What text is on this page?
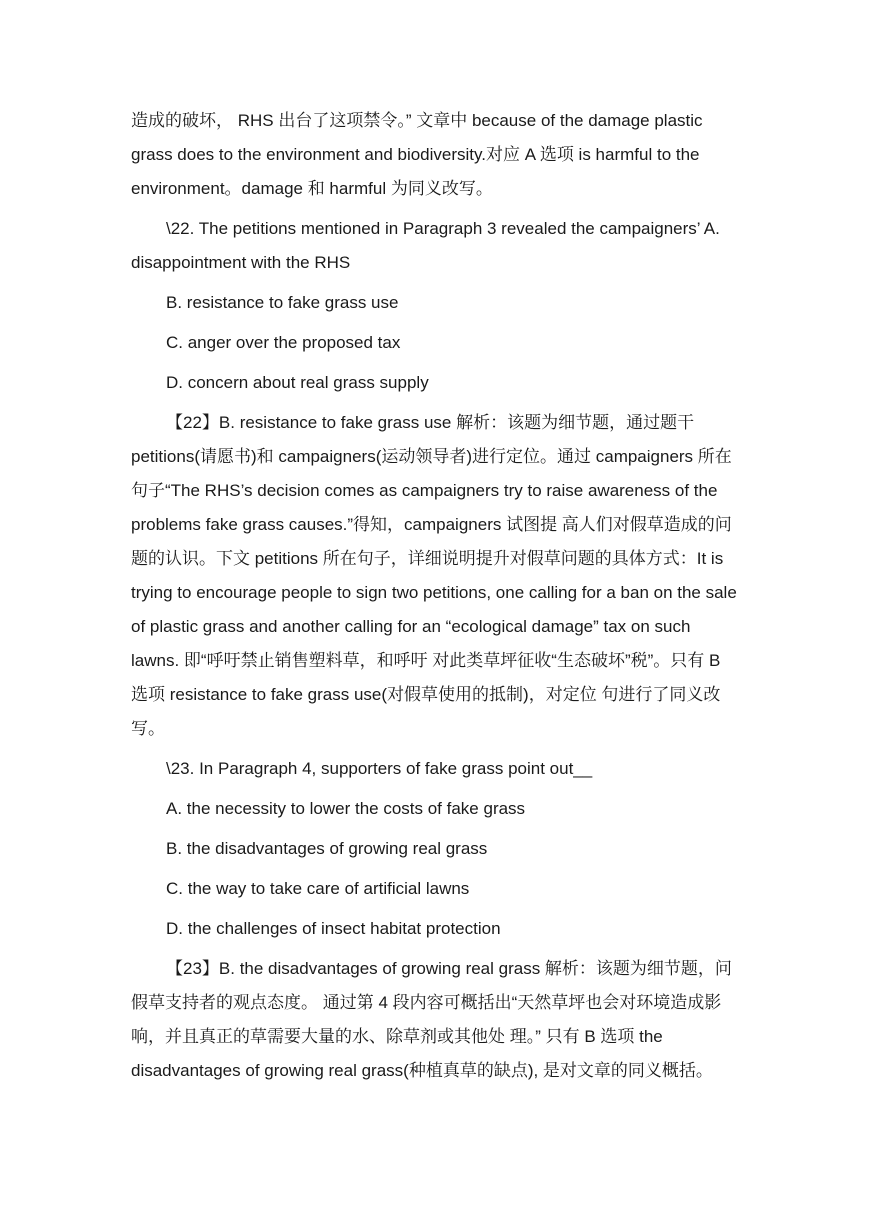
造成的破坏， RHS 出台了这项禁令。” 文章中 because of the damage plastic grass does to the environment and biodiversity.对应 A 选项 is harmful to the environment。damage 和 harmful 为同义改写。

\22. The petitions mentioned in Paragraph 3 revealed the campaigners’ A. disappointment with the RHS

B. resistance to fake grass use

C. anger over the proposed tax

D. concern about real grass supply

【22】B. resistance to fake grass use 解析：该题为细节题，通过题干 petitions(请愿书)和 campaigners(运动领导者)进行定位。通过 campaigners 所在句子“The RHS’s decision comes as campaigners try to raise awareness of the problems fake grass causes.”得知，campaigners 试图提 高人们对假草造成的问题的认识。下文 petitions 所在句子，详细说明提升对假草问题的具体方式：It is trying to encourage people to sign two petitions, one calling for a ban on the sale of plastic grass and another calling for an “ecological damage” tax on such lawns. 即“呼吁禁止销售塑料草，和呼吁 对此类草坪征收“生态破坏”税”。只有 B 选项 resistance to fake grass use(对假草使用的抵制)，对定位 句进行了同义改写。

\23. In Paragraph 4, supporters of fake grass point out__

A. the necessity to lower the costs of fake grass

B. the disadvantages of growing real grass

C. the way to take care of artificial lawns

D. the challenges of insect habitat protection

【23】B. the disadvantages of growing real grass 解析：该题为细节题，问假草支持者的观点态度。 通过第 4 段内容可概括出“天然草坪也会对环境造成影响，并且真正的草需要大量的水、除草剂或其他处 理。” 只有 B 选项 the disadvantages of growing real grass(种植真草的缺点), 是对文章的同义概括。
